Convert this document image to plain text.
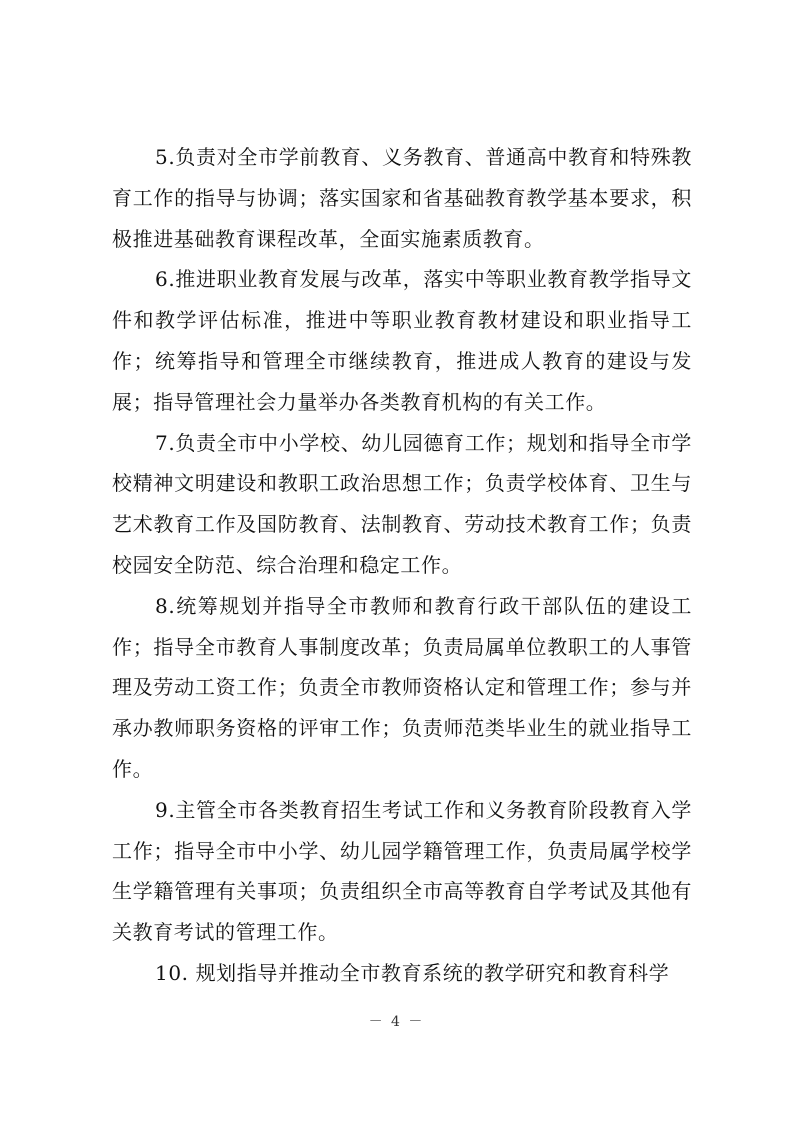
5.负责对全市学前教育、义务教育、普通高中教育和特殊教育工作的指导与协调；落实国家和省基础教育教学基本要求，积极推进基础教育课程改革，全面实施素质教育。

6.推进职业教育发展与改革，落实中等职业教育教学指导文件和教学评估标准，推进中等职业教育教材建设和职业指导工作；统筹指导和管理全市继续教育，推进成人教育的建设与发展；指导管理社会力量举办各类教育机构的有关工作。

7.负责全市中小学校、幼儿园德育工作；规划和指导全市学校精神文明建设和教职工政治思想工作；负责学校体育、卫生与艺术教育工作及国防教育、法制教育、劳动技术教育工作；负责校园安全防范、综合治理和稳定工作。

8.统筹规划并指导全市教师和教育行政干部队伍的建设工作；指导全市教育人事制度改革；负责局属单位教职工的人事管理及劳动工资工作；负责全市教师资格认定和管理工作；参与并承办教师职务资格的评审工作；负责师范类毕业生的就业指导工作。

9.主管全市各类教育招生考试工作和义务教育阶段教育入学工作；指导全市中小学、幼儿园学籍管理工作，负责局属学校学生学籍管理有关事项；负责组织全市高等教育自学考试及其他有关教育考试的管理工作。

10. 规划指导并推动全市教育系统的教学研究和教育科学

－ 4 －
